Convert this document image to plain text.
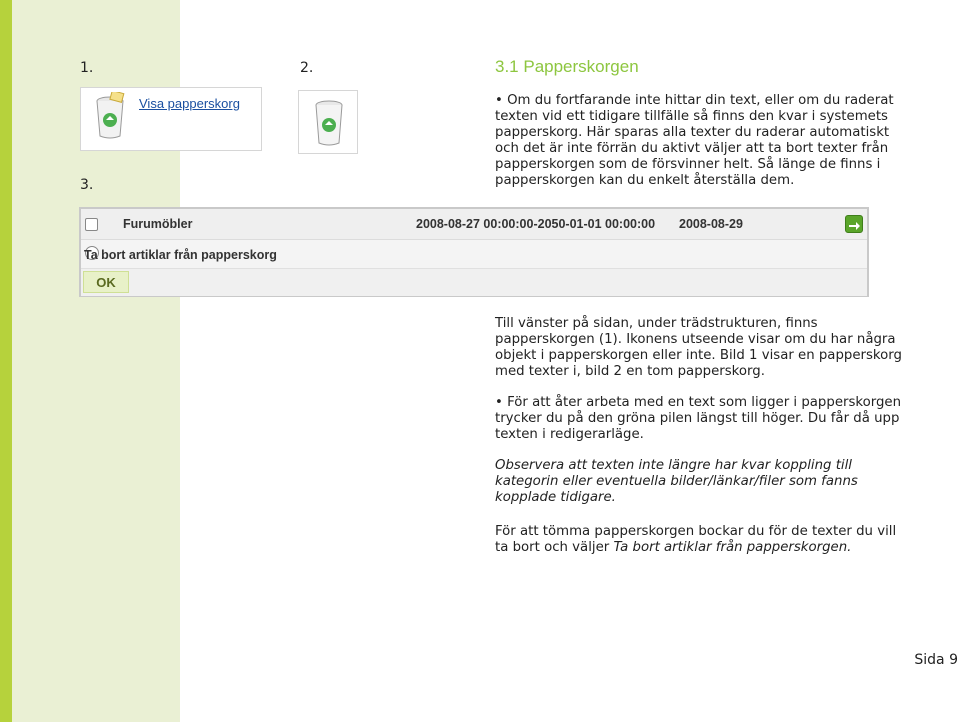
1.	2.
3.
3.1 Papperskorgen
Visa papperskorg	• Om du fortfarande inte hittar din text, eller om du raderat texten vid ett tidigare tillfälle så finns den kvar i systemets papperskorg. Här sparas alla texter du raderar automatiskt och det är inte förrän du aktivt väljer att ta bort texter från papperskorgen som de försvinner helt. Så länge de finns i papperskorgen kan du enkelt återställa dem.
Furumöbler	2008-08-27 00:00:00-2050-01-01 00:00:00 2008-08-29
Ta bort artiklar från papperskorg
OK
Till vänster på sidan, under trädstrukturen, finns papperskorgen (1). Ikonens utseende visar om du har några objekt i papperskorgen eller inte. Bild 1 visar en papperskorg med texter i, bild 2 en tom papperskorg.
• För att åter arbeta med en text som ligger i papperskorgen trycker du på den gröna pilen längst till höger. Du får då upp texten i redigerarläge.
Observera att texten inte längre har kvar koppling till kategorin eller eventuella bilder/länkar/filer som fanns kopplade tidigare.
För att tömma papperskorgen bockar du för de texter du vill ta bort och väljer Ta bort artiklar från papperskorgen.
Sida 9
